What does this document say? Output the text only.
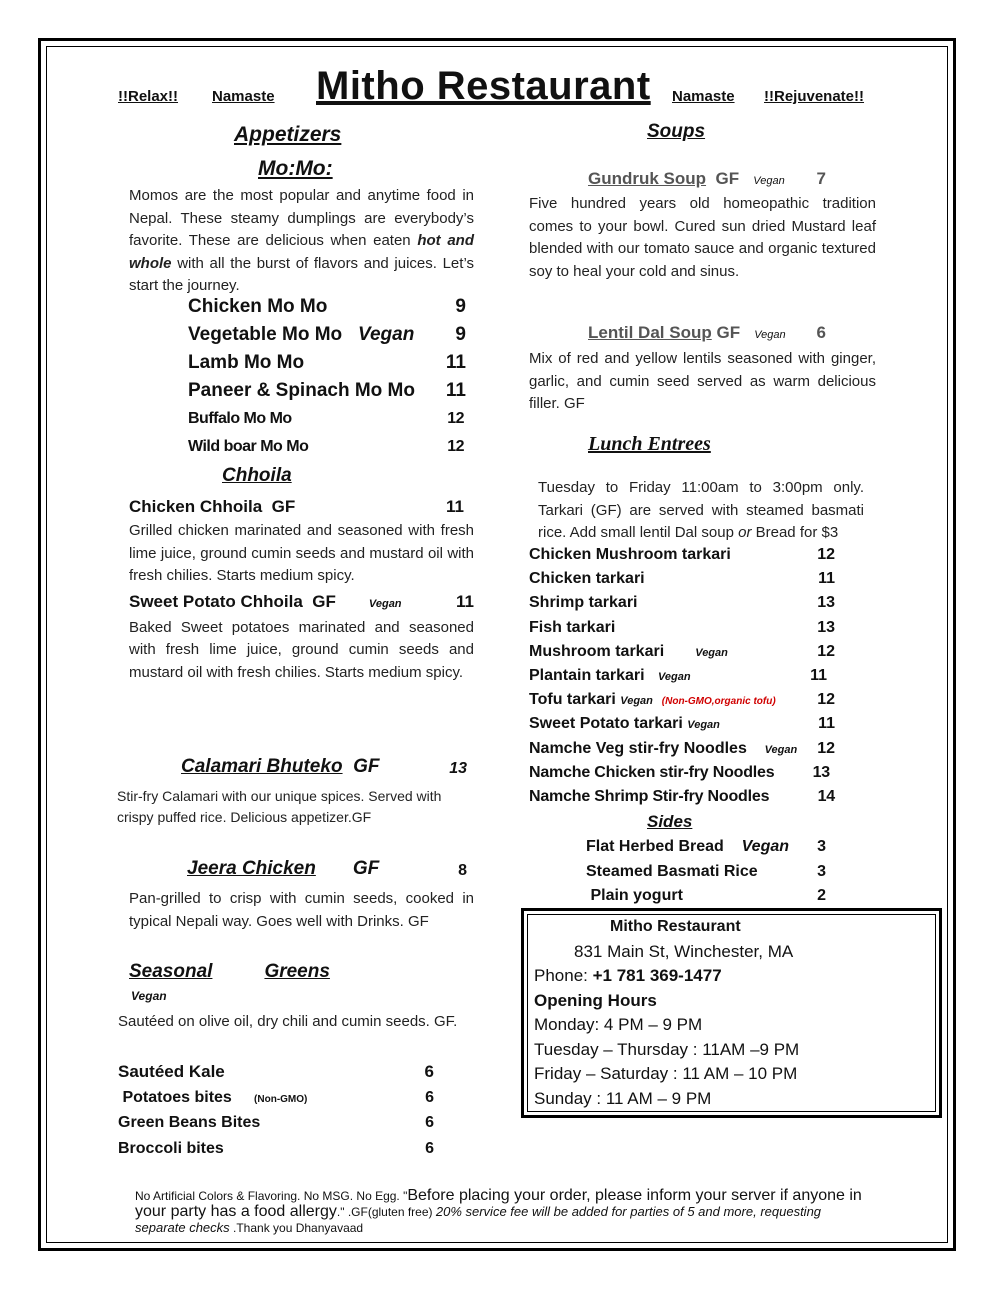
!!Relax!! Namaste Mitho Restaurant Namaste !!Rejuvenate!!
Appetizers
Mo:Mo:
Momos are the most popular and anytime food in Nepal. These steamy dumplings are everybody’s favorite. These are delicious when eaten hot and whole with all the burst of flavors and juices. Let’s start the journey.
Chicken Mo Mo	9
Vegetable Mo Mo Vegan	9
Lamb Mo Mo	11
Paneer & Spinach Mo Mo	11
Buffalo Mo Mo	12
Wild boar Mo Mo	12
Chhoila
Chicken Chhoila GF	11
Grilled chicken marinated and seasoned with fresh lime juice, ground cumin seeds and mustard oil with fresh chilies. Starts medium spicy.
Sweet Potato Chhoila GF	Vegan	11
Baked Sweet potatoes marinated and seasoned with fresh lime juice, ground cumin seeds and mustard oil with fresh chilies. Starts medium spicy.
Calamari Bhuteko GF	13
Stir-fry Calamari with our unique spices. Served with crispy puffed rice. Delicious appetizer.GF
Jeera Chicken GF	8
Pan-grilled to crisp with cumin seeds, cooked in typical Nepali way. Goes well with Drinks. GF
Seasonal	Greens
Vegan
Sautéed on olive oil, dry chili and cumin seeds. GF.
Sautéed Kale	6
Potatoes bites (Non-GMO)	6
Green Beans Bites	6
Broccoli bites	6
Soups
Gundruk Soup GF Vegan	7
Five hundred years old homeopathic tradition comes to your bowl. Cured sun dried Mustard leaf blended with our tomato sauce and organic textured soy to heal your cold and sinus.
Lentil Dal Soup GF Vegan	6
Mix of red and yellow lentils seasoned with ginger, garlic, and cumin seed served as warm delicious filler. GF
Lunch Entrees
Tuesday to Friday 11:00am to 3:00pm only. Tarkari (GF) are served with steamed basmati rice. Add small lentil Dal soup or Bread for $3
Chicken Mushroom tarkari	12
Chicken tarkari	11
Shrimp tarkari	13
Fish tarkari	13
Mushroom tarkari	Vegan	12
Plantain tarkari Vegan	11
Tofu tarkari Vegan (Non-GMO,organic tofu)	12
Sweet Potato tarkari Vegan	11
Namche Veg stir-fry Noodles Vegan	12
Namche Chicken stir-fry Noodles	13
Namche Shrimp Stir-fry Noodles	14
Sides
Flat Herbed Bread Vegan	3
Steamed Basmati Rice	3
Plain yogurt	2
Mitho Restaurant
831 Main St, Winchester, MA
Phone: +1 781 369-1477
Opening Hours
Monday: 4 PM – 9 PM
Tuesday – Thursday : 11AM –9 PM
Friday – Saturday : 11 AM – 10 PM
Sunday : 11 AM – 9 PM
No Artificial Colors & Flavoring. No MSG. No Egg. "Before placing your order, please inform your server if anyone in your party has a food allergy." .GF(gluten free) 20% service fee will be added for parties of 5 and more, requesting separate checks .Thank you Dhanyavaad
